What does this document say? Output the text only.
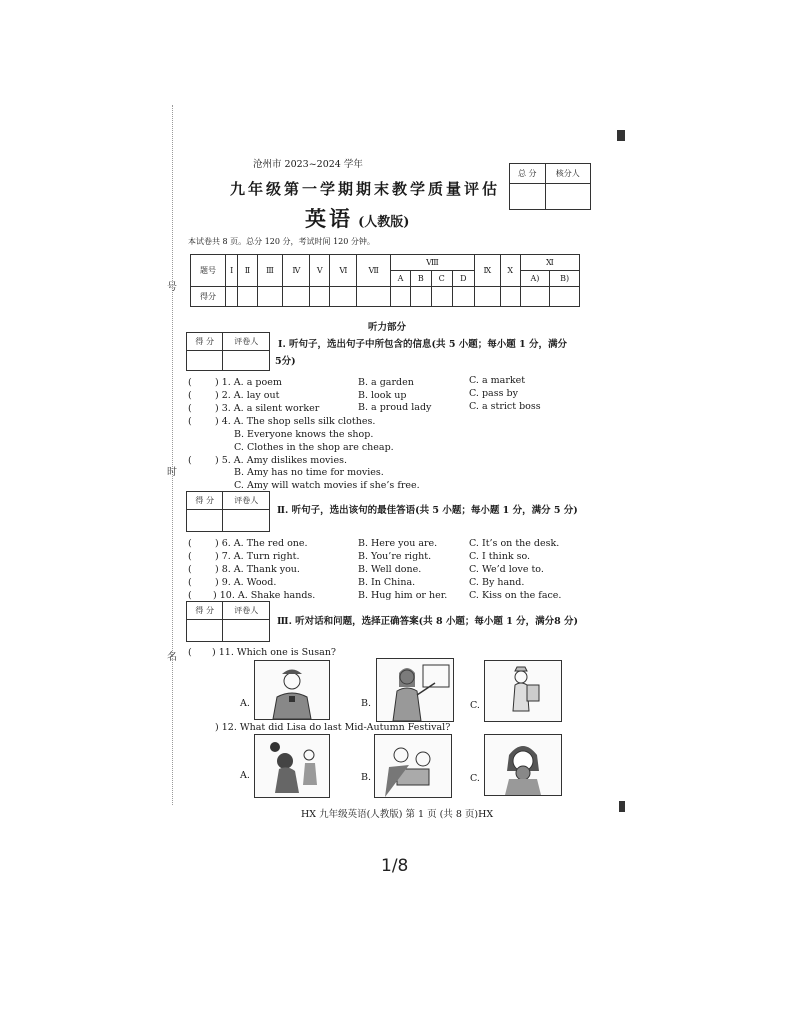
号
时
名
沧州市 2023~2024 学年
九年级第一学期期末教学质量评估
英语 (人教版)
本试卷共 8 页。总分 120 分，考试时间 120 分钟。
总 分	核分人

题号	Ⅰ	Ⅱ	Ⅲ	Ⅳ	Ⅴ	Ⅵ	Ⅶ	Ⅷ				Ⅸ	Ⅹ	Ⅺ	
								A	B	C	D			A)	B)
得分															
听力部分
得 分	评卷人
	Ⅰ. 听句子，选出句子中所包含的信息(共 5 小题；每小题 1 分，满分
5分)
( ) 1. A. a poem	B. a garden	C. a market
( ) 2. A. lay out	B. look up	C. pass by
( ) 3. A. a silent worker	B. a proud lady	C. a strict boss
( ) 4. A. The shop sells silk clothes.
B. Everyone knows the shop.
C. Clothes in the shop are cheap.
( ) 5. A. Amy dislikes movies.
B. Amy has no time for movies.
C. Amy will watch movies if she’s free.
得 分	评卷人

Ⅱ. 听句子，选出该句的最佳答语(共 5 小题；每小题 1 分，满分 5 分)
( ) 6. A. The red one.	B. Here you are.	C. It’s on the desk.
( ) 7. A. Turn right.	B. You’re right.	C. I think so.
( ) 8. A. Thank you.	B. Well done.	C. We’d love to.
( ) 9. A. Wood.	B. In China.	C. By hand.
( ) 10. A. Shake hands.	B. Hug him or her. C. Kiss on the face.
得 分	评卷人

Ⅲ. 听对话和问题，选择正确答案(共 8 小题；每小题 1 分，满分8 分)
( ) 11. Which one is Susan?
A.	B.	C.
) 12. What did Lisa do last Mid-Autumn Festival?
A.	B.	C.
HX 九年级英语(人教版) 第 1 页 (共 8 页)HX
1/8
